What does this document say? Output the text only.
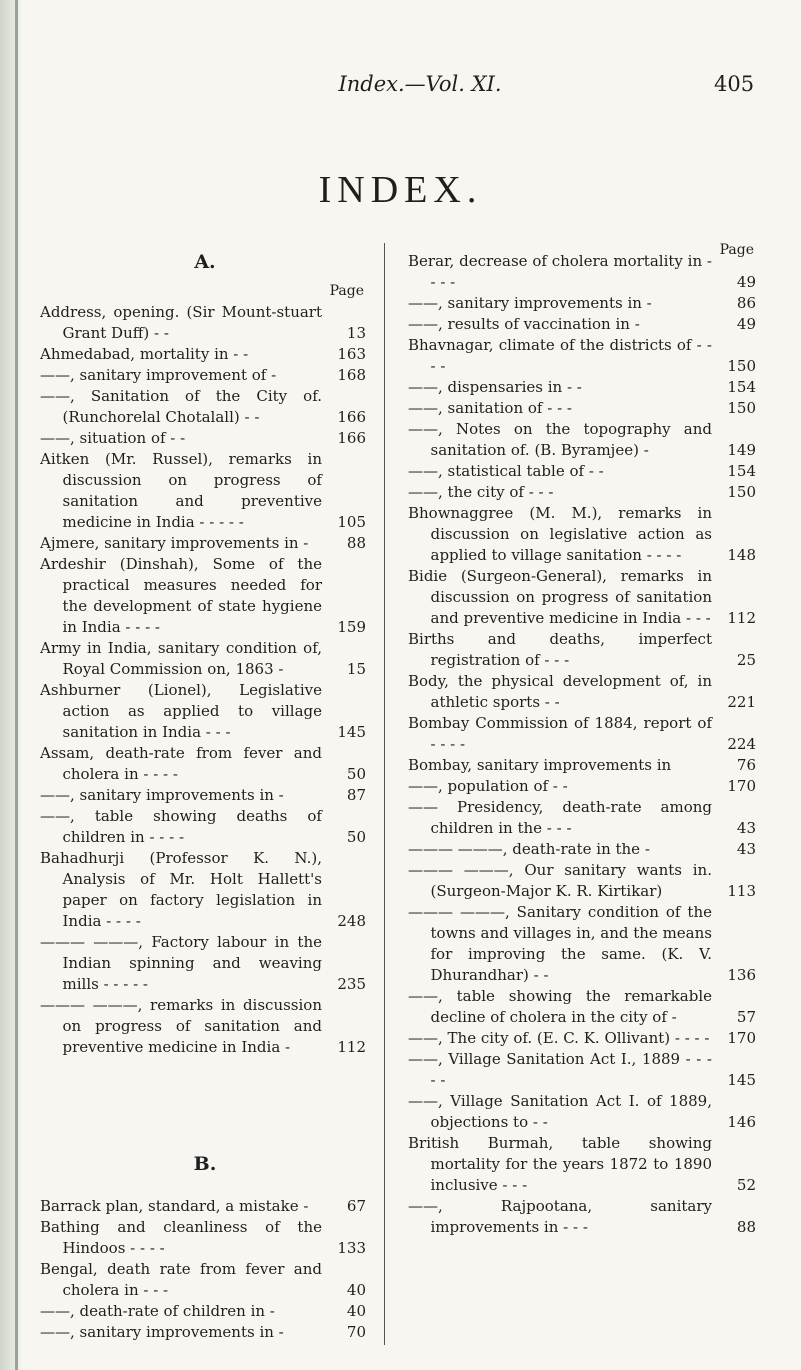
Index.—Vol. XI.	405
INDEX.
A.
Page
Address, opening. (Sir Mount-stuart Grant Duff) - -	13
Ahmedabad, mortality in - -	163
——, sanitary improvement of -	168
——, Sanitation of the City of. (Runchorelal Chotalall) - -	166
——, situation of - -	166
Aitken (Mr. Russel), remarks in discussion on progress of sanitation and preventive medicine in India - - - - -	105
Ajmere, sanitary improvements in -	88
Ardeshir (Dinshah), Some of the practical measures needed for the development of state hygiene in India - - - -	159
Army in India, sanitary condition of, Royal Commission on, 1863 -	15
Ashburner (Lionel), Legislative action as applied to village sanitation in India - - -	145
Assam, death-rate from fever and cholera in - - - -	50
——, sanitary improvements in -	87
——, table showing deaths of children in - - - -	50
Bahadhurji (Professor K. N.), Analysis of Mr. Holt Hallett's paper on factory legislation in India - - - -	248
——— ———, Factory labour in the Indian spinning and weaving mills - - - - -	235
——— ———, remarks in discussion on progress of sanitation and preventive medicine in India -	112
B.
Barrack plan, standard, a mistake -	67
Bathing and cleanliness of the Hindoos - - - -	133
Bengal, death rate from fever and cholera in - - -	40
——, death-rate of children in -	40
——, sanitary improvements in -	70
Page
Berar, decrease of cholera mortality in - - - -	49
——, sanitary improvements in -	86
——, results of vaccination in -	49
Bhavnagar, climate of the districts of - - - -	150
——, dispensaries in - -	154
——, sanitation of - - -	150
——, Notes on the topography and sanitation of. (B. Byramjee) -	149
——, statistical table of - -	154
——, the city of - - -	150
Bhownaggree (M. M.), remarks in discussion on legislative action as applied to village sanitation - - - -	148
Bidie (Surgeon-General), remarks in discussion on progress of sanitation and preventive medicine in India - - -	112
Births and deaths, imperfect registration of - - -	25
Body, the physical development of, in athletic sports - -	221
Bombay Commission of 1884, report of - - - -	224
Bombay, sanitary improvements in	76
——, population of - -	170
—— Presidency, death-rate among children in the - - -	43
——— ———, death-rate in the -	43
——— ———, Our sanitary wants in. (Surgeon-Major K. R. Kirtikar)	113
——— ———, Sanitary condition of the towns and villages in, and the means for improving the same. (K. V. Dhurandhar) - -	136
——, table showing the remarkable decline of cholera in the city of -	57
——, The city of. (E. C. K. Ollivant) - - - -	170
——, Village Sanitation Act I., 1889 - - - - -	145
——, Village Sanitation Act I. of 1889, objections to - -	146
British Burmah, table showing mortality for the years 1872 to 1890 inclusive - - -	52
——, Rajpootana, sanitary improvements in - - -	88
